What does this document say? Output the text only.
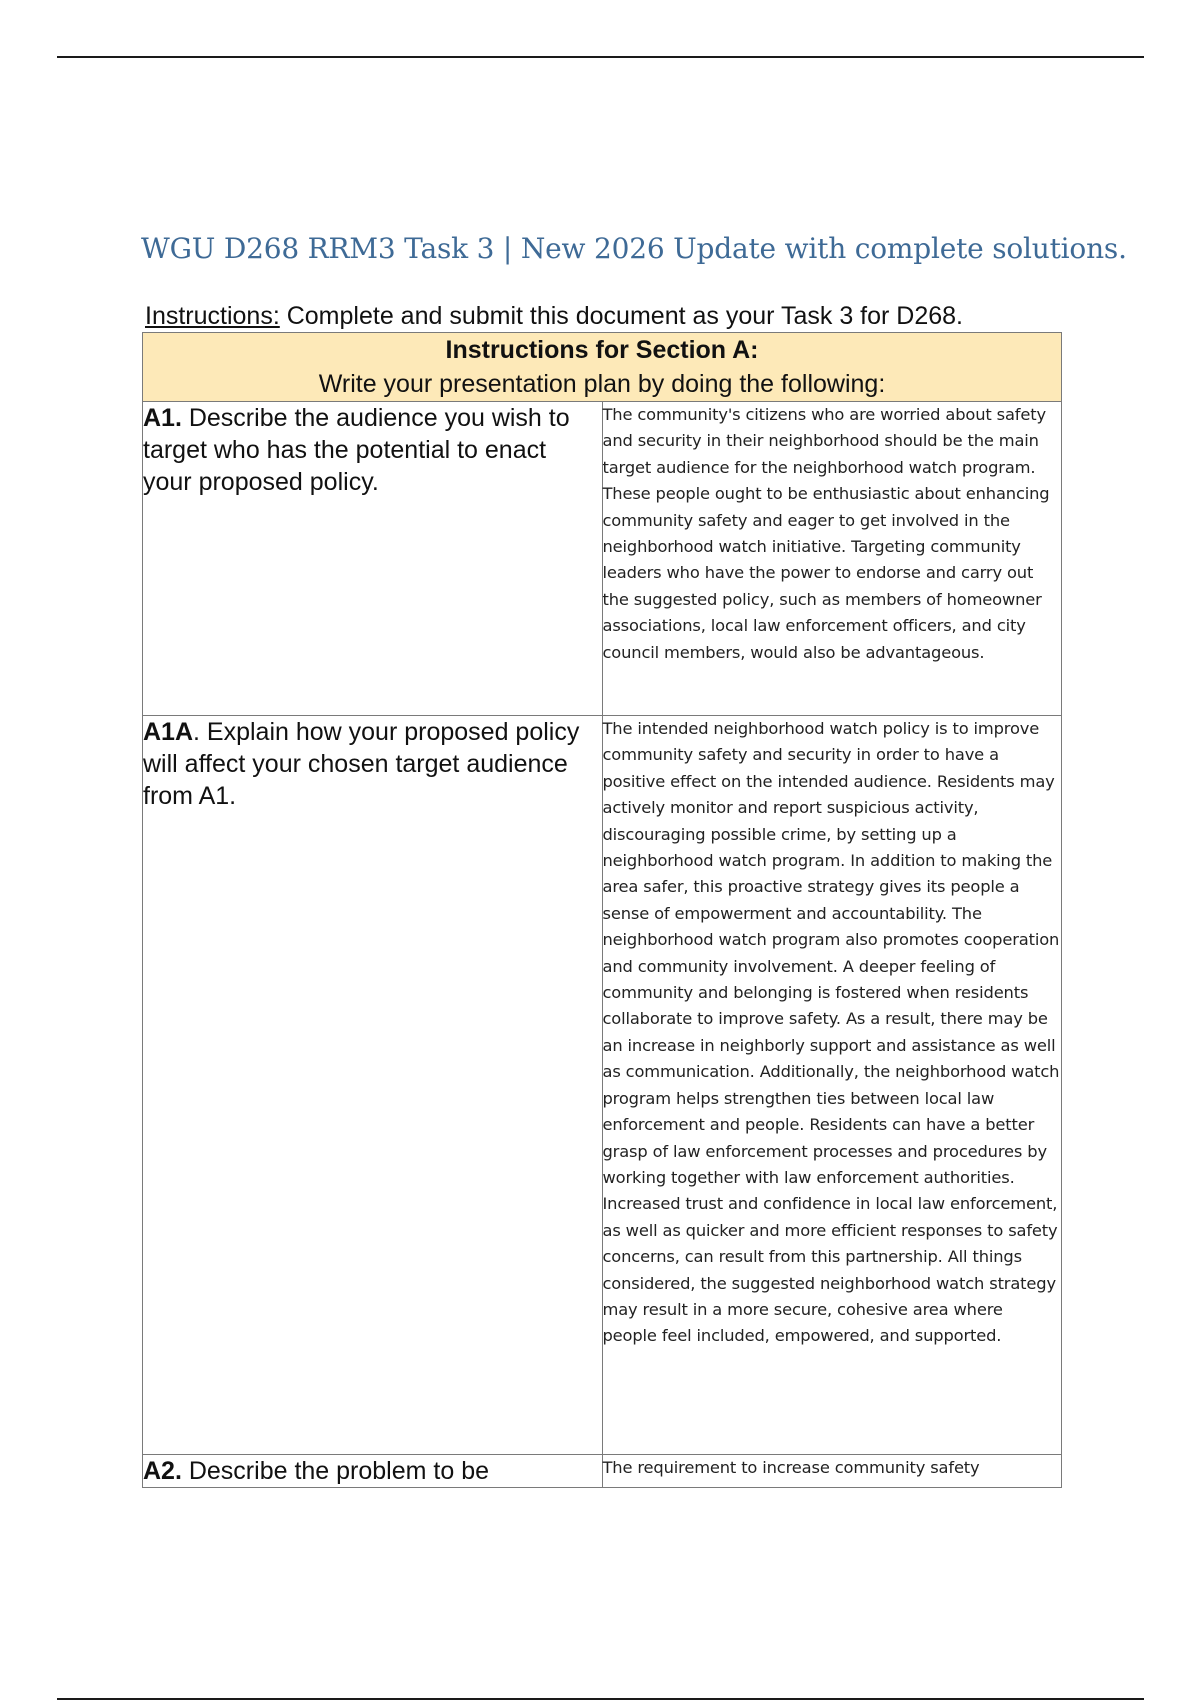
WGU D268 RRM3 Task 3 | New 2026 Update with complete solutions.

Instructions: Complete and submit this document as your Task 3 for D268.

Instructions for Section A:
Write your presentation plan by doing the following:	

A1. Describe the audience you wish to target who has the potential to enact your proposed policy.	The community's citizens who are worried about safety and security in their neighborhood should be the main target audience for the neighborhood watch program. These people ought to be enthusiastic about enhancing community safety and eager to get involved in the neighborhood watch initiative. Targeting community leaders who have the power to endorse and carry out the suggested policy, such as members of homeowner associations, local law enforcement officers, and city council members, would also be advantageous.

A1A. Explain how your proposed policy will affect your chosen target audience from A1.	The intended neighborhood watch policy is to improve community safety and security in order to have a positive effect on the intended audience. Residents may actively monitor and report suspicious activity, discouraging possible crime, by setting up a neighborhood watch program. In addition to making the area safer, this proactive strategy gives its people a sense of empowerment and accountability. The neighborhood watch program also promotes cooperation and community involvement. A deeper feeling of community and belonging is fostered when residents collaborate to improve safety. As a result, there may be an increase in neighborly support and assistance as well as communication. Additionally, the neighborhood watch program helps strengthen ties between local law enforcement and people. Residents can have a better grasp of law enforcement processes and procedures by working together with law enforcement authorities. Increased trust and confidence in local law enforcement, as well as quicker and more efficient responses to safety concerns, can result from this partnership. All things considered, the suggested neighborhood watch strategy may result in a more secure, cohesive area where people feel included, empowered, and supported.

A2. Describe the problem to be	The requirement to increase community safety
